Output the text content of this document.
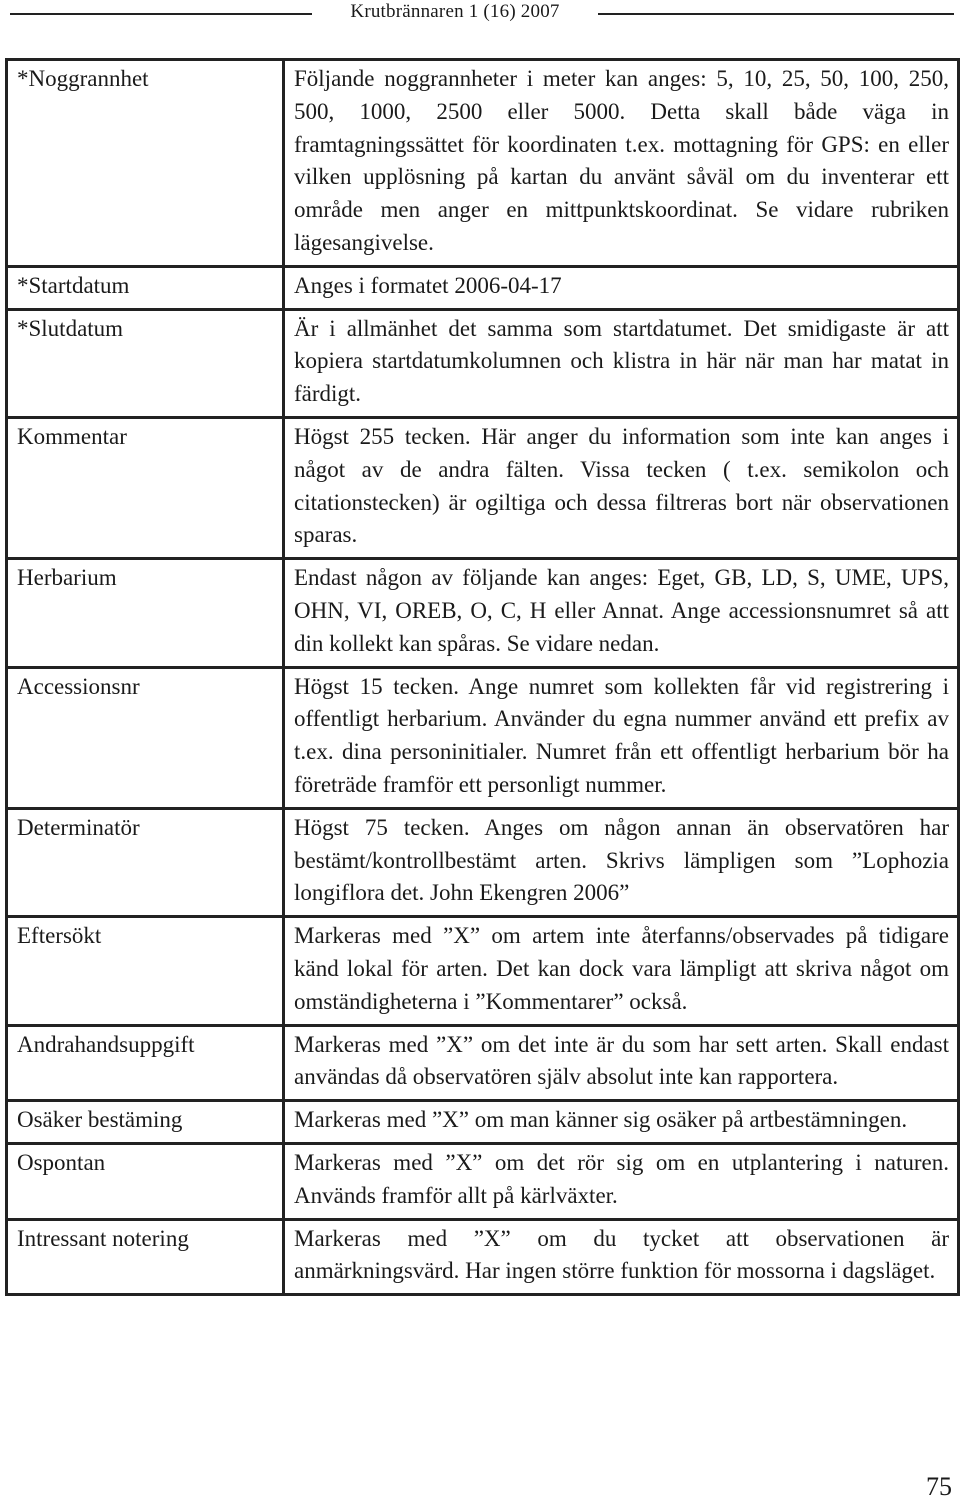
Krutbrännaren 1 (16) 2007
*Noggrannhet	Följande noggrannheter i meter kan anges: 5, 10, 25, 50, 100, 250, 500, 1000, 2500 eller 5000. Detta skall både väga in framtagningssättet för koordinaten t.ex. mottagning för GPS: en eller vilken upplösning på kartan du använt såväl om du inventerar ett område men anger en mittpunktskoordinat. Se vidare rubriken lägesangivelse.
*Startdatum	Anges i formatet 2006-04-17
*Slutdatum	Är i allmänhet det samma som startdatumet. Det smidigaste är att kopiera startdatumkolumnen och klistra in här när man har matat in färdigt.
Kommentar	Högst 255 tecken. Här anger du information som inte kan anges i något av de andra fälten. Vissa tecken ( t.ex. semikolon och citationstecken) är ogiltiga och dessa filtreras bort när observationen sparas.
Herbarium	Endast någon av följande kan anges: Eget, GB, LD, S, UME, UPS, OHN, VI, OREB, O, C, H eller Annat. Ange accessionsnumret så att din kollekt kan spåras. Se vidare nedan.
Accessionsnr	Högst 15 tecken. Ange numret som kollekten får vid registrering i offentligt herbarium. Använder du egna nummer använd ett prefix av t.ex. dina personinitialer. Numret från ett offentligt herbarium bör ha företräde framför ett personligt nummer.
Determinatör	Högst 75 tecken. Anges om någon annan än observatören har bestämt/kontrollbestämt arten. Skrivs lämpligen som ”Lophozia longiflora det. John Ekengren 2006”
Eftersökt	Markeras med ”X” om artem inte återfanns/observades på tidigare känd lokal för arten. Det kan dock vara lämpligt att skriva något om omständigheterna i ”Kommentarer” också.
Andrahandsuppgift	Markeras med ”X” om det inte är du som har sett arten. Skall endast användas då observatören själv absolut inte kan rapportera.
Osäker bestäming	Markeras med ”X” om man känner sig osäker på artbestämningen.
Ospontan	Markeras med ”X” om det rör sig om en utplantering i naturen. Används framför allt på kärlväxter.
Intressant notering	Markeras med ”X” om du tycket att observationen är anmärkningsvärd. Har ingen större funktion för mossorna i dagsläget.
75
